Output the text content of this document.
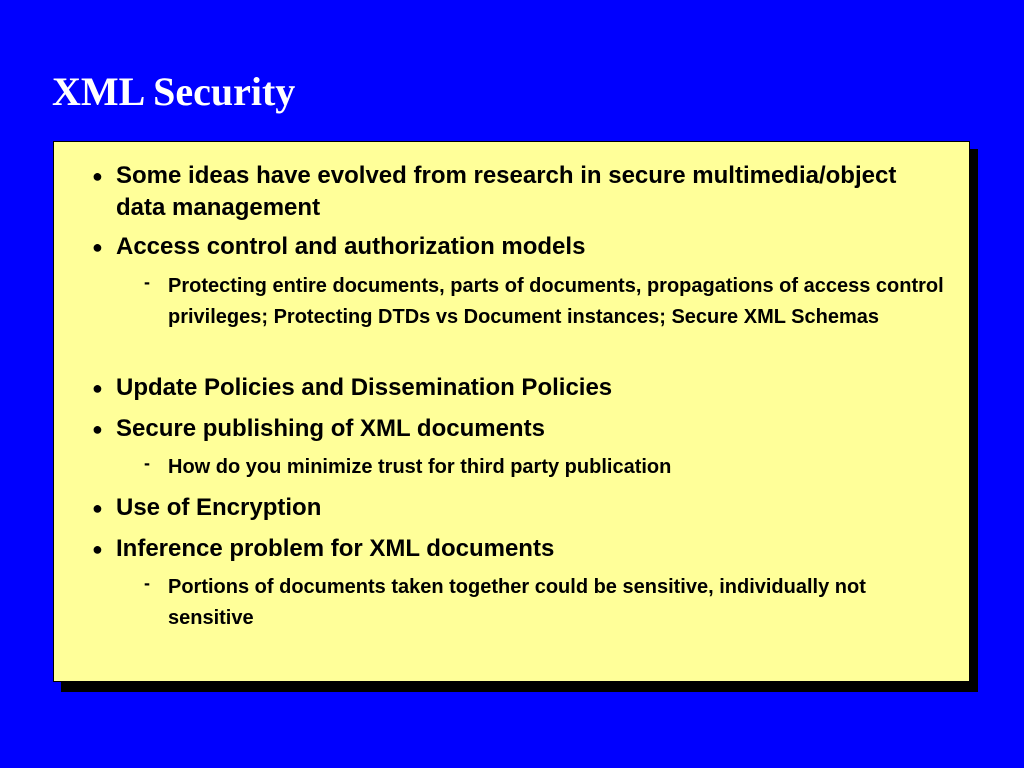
XML Security
● Some ideas have evolved from research in secure multimedia/object data management
● Access control and authorization models
- Protecting entire documents, parts of documents, propagations of access control privileges; Protecting DTDs vs Document instances; Secure XML Schemas
● Update Policies and Dissemination Policies
● Secure publishing of XML documents
- How do you minimize trust for third party publication
● Use of Encryption
● Inference problem for XML documents
- Portions of documents taken together could be sensitive, individually not sensitive
